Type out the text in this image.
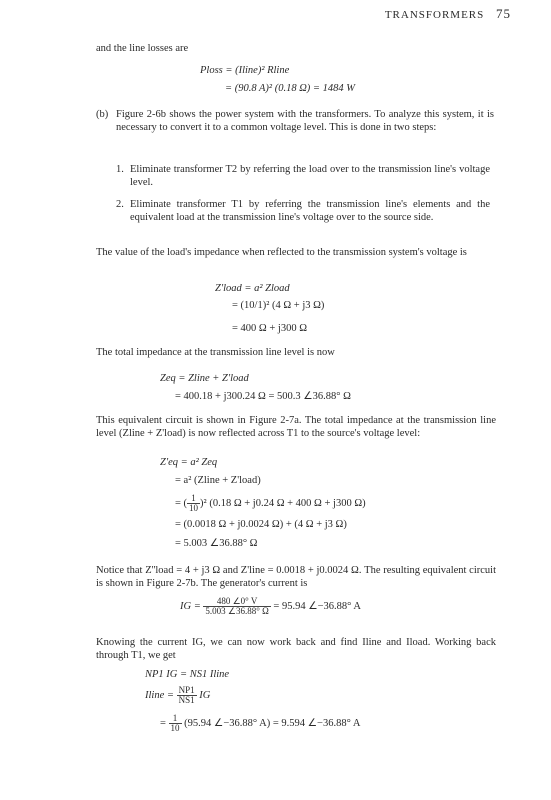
TRANSFORMERS 75
and the line losses are
Ploss = (Iline)² Rline
= (90.8 A)² (0.18 Ω) = 1484 W
(b) Figure 2-6b shows the power system with the transformers. To analyze this system, it is necessary to convert it to a common voltage level. This is done in two steps:
1. Eliminate transformer T2 by referring the load over to the transmission line's voltage level.
2. Eliminate transformer T1 by referring the transmission line's elements and the equivalent load at the transmission line's voltage over to the source side.
The value of the load's impedance when reflected to the transmission system's voltage is
Z'load = a² Zload
= (10/1)² (4 Ω + j3 Ω)
= 400 Ω + j300 Ω
The total impedance at the transmission line level is now
Zeq = Zline + Z'load
= 400.18 + j300.24 Ω = 500.3 ∠36.88° Ω
This equivalent circuit is shown in Figure 2-7a. The total impedance at the transmission line level (Zline + Z'load) is now reflected across T1 to the source's voltage level:
Z'eq = a² Zeq
= a² (Zline + Z'load)
= ( $\frac{1}{10} )^2$ (0.18 Ω + j0.24 Ω + 400 Ω + j300 Ω)
= (0.0018 Ω + j0.0024 Ω) + (4 Ω + j3 Ω)
= 5.003 ∠36.88° Ω
Notice that Z''load = 4 + j3 Ω and Z'line = 0.0018 + j0.0024 Ω. The resulting equivalent circuit is shown in Figure 2-7b. The generator's current is
IG = $\frac{480 \angle 0^\circ V}{5.003 \angle 36.88^\circ \Omega} = 95.94$ ∠−36.88° A
Knowing the current IG, we can now work back and find Iline and Iload. Working back through T1, we get
NP1 IG = NS1 Iline
Iline = $\frac{NP1}{NS1}$ IG
= $\frac{1}{10} (95.94$ ∠−36.88° A) = 9.594 ∠−36.88° A
